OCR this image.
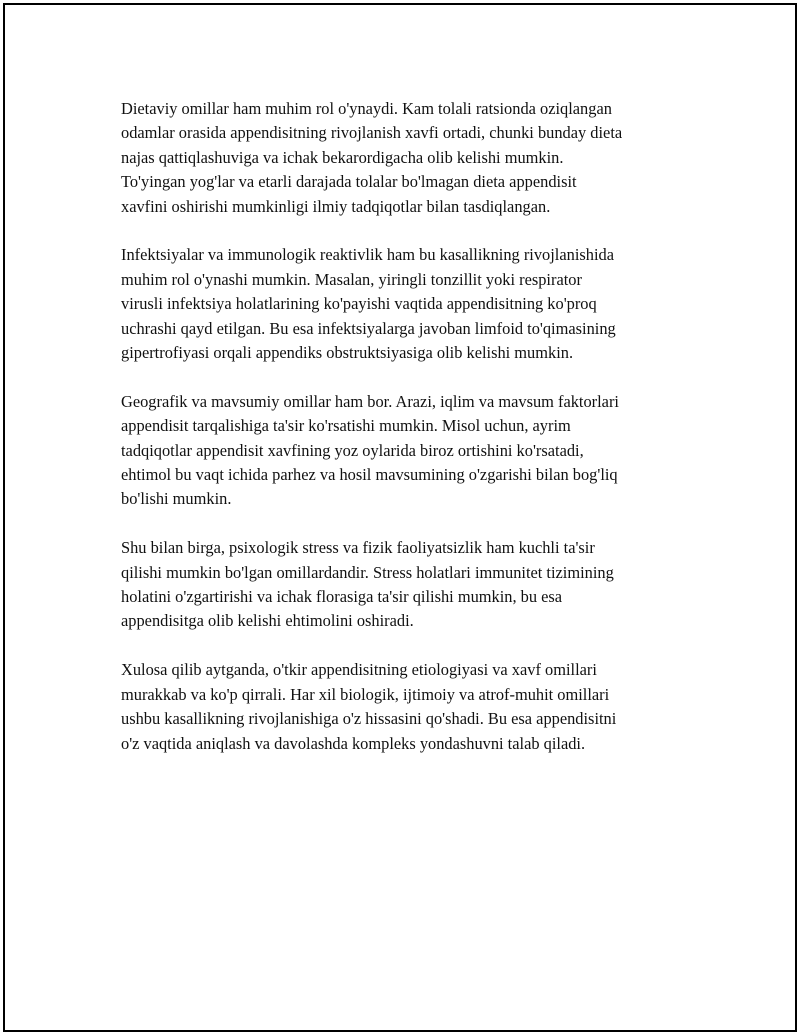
Dietaviy omillar ham muhim rol o'ynaydi. Kam tolali ratsionda oziqlangan
odamlar orasida appendisitning rivojlanish xavfi ortadi, chunki bunday dieta
najas qattiqlashuviga va ichak bekarordigacha olib kelishi mumkin.
To'yingan yog'lar va etarli darajada tolalar bo'lmagan dieta appendisit
xavfini oshirishi mumkinligi ilmiy tadqiqotlar bilan tasdiqlangan.

Infektsiyalar va immunologik reaktivlik ham bu kasallikning rivojlanishida
muhim rol o'ynashi mumkin. Masalan, yiringli tonzillit yoki respirator
virusli infektsiya holatlarining ko'payishi vaqtida appendisitning ko'proq
uchrashi qayd etilgan. Bu esa infektsiyalarga javoban limfoid to'qimasining
gipertrofiyasi orqali appendiks obstruktsiyasiga olib kelishi mumkin.

Geografik va mavsumiy omillar ham bor. Arazi, iqlim va mavsum faktorlari
appendisit tarqalishiga ta'sir ko'rsatishi mumkin. Misol uchun, ayrim
tadqiqotlar appendisit xavfining yoz oylarida biroz ortishini ko'rsatadi,
ehtimol bu vaqt ichida parhez va hosil mavsumining o'zgarishi bilan bog'liq
bo'lishi mumkin.

Shu bilan birga, psixologik stress va fizik faoliyatsizlik ham kuchli ta'sir
qilishi mumkin bo'lgan omillardandir. Stress holatlari immunitet tizimining
holatini o'zgartirishi va ichak florasiga ta'sir qilishi mumkin, bu esa
appendisitga olib kelishi ehtimolini oshiradi.

Xulosa qilib aytganda, o'tkir appendisitning etiologiyasi va xavf omillari
murakkab va ko'p qirrali. Har xil biologik, ijtimoiy va atrof-muhit omillari
ushbu kasallikning rivojlanishiga o'z hissasini qo'shadi. Bu esa appendisitni
o'z vaqtida aniqlash va davolashda kompleks yondashuvni talab qiladi.
